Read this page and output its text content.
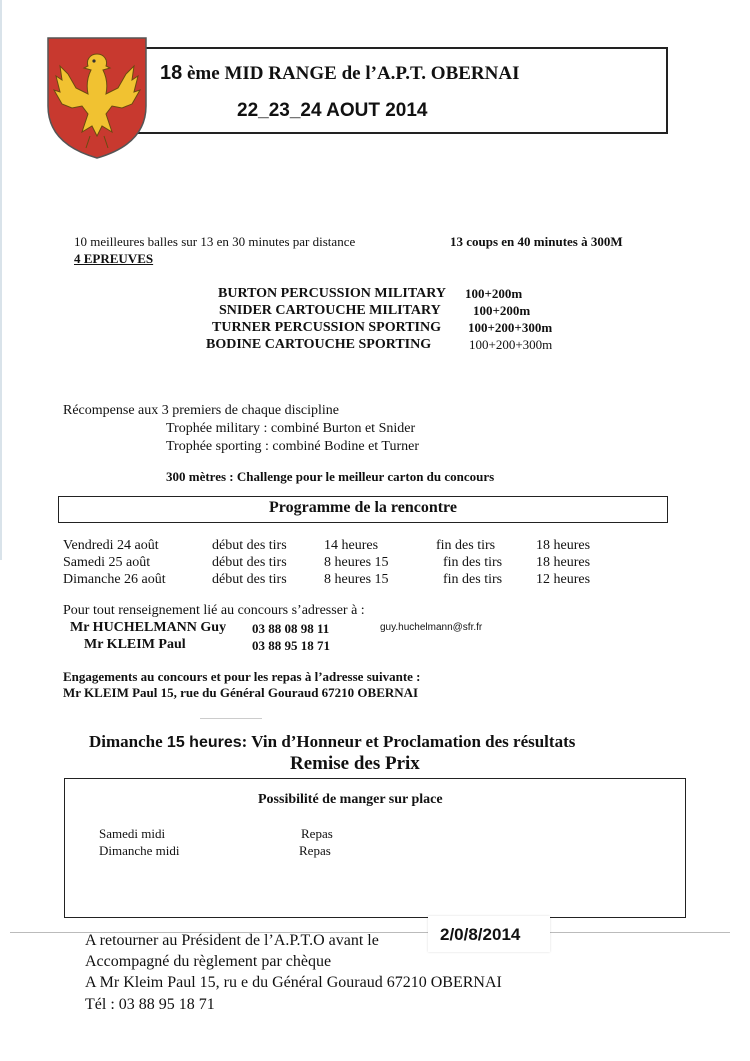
18 ème MID RANGE de l’A.P.T. OBERNAI
22_23_24 AOUT 2014
10 meilleures balles sur 13 en 30 minutes par distance	13 coups en 40 minutes à 300M
4 EPREUVES
BURTON PERCUSSION MILITARY 100+200m
SNIDER CARTOUCHE MILITARY 100+200m
TURNER PERCUSSION SPORTING 100+200+300m
BODINE CARTOUCHE SPORTING	100+200+300m
Récompense aux 3 premiers de chaque discipline
Trophée military : combiné Burton et Snider
Trophée sporting : combiné Bodine et Turner
300 mètres : Challenge pour le meilleur carton du concours
Programme de la rencontre
Vendredi 24 août	début des tirs	14 heures	fin des tirs	18 heures
Samedi 25 août	début des tirs	8 heures 15	fin des tirs 18 heures
Dimanche 26 août	début des tirs	8 heures 15	fin des tirs 12 heures
Pour tout renseignement lié au concours s’adresser à :
Mr HUCHELMANN Guy 03 88 08 98 11	guy.huchelmann@sfr.fr
Mr KLEIM Paul	03 88 95 18 71
Engagements au concours et pour les repas à l’adresse suivante :
Mr KLEIM Paul 15, rue du Général Gouraud 67210 OBERNAI
Dimanche 15 heures: Vin d’Honneur et Proclamation des résultats
Remise des Prix
Possibilité de manger sur place
Samedi midi	Repas
Dimanche midi	Repas
A retourner au Président de l’A.P.T.O avant le	2/0/8/2014
Accompagné du règlement par chèque
A Mr Kleim Paul 15, ru e du Général Gouraud 67210 OBERNAI
Tél : 03 88 95 18 71
